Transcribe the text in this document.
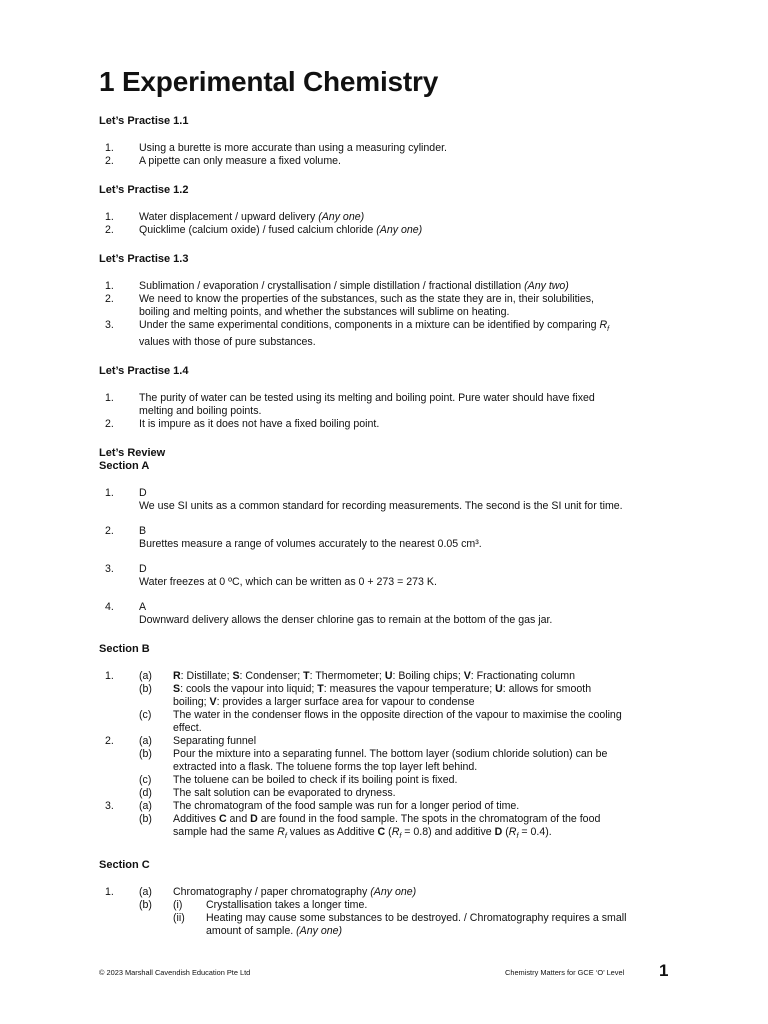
1 Experimental Chemistry

Let’s Practise 1.1

1.	Using a burette is more accurate than using a measuring cylinder.
2.	A pipette can only measure a fixed volume.

Let’s Practise 1.2

1.	Water displacement / upward delivery (Any one)
2.	Quicklime (calcium oxide) / fused calcium chloride (Any one)

Let’s Practise 1.3

1.	Sublimation / evaporation / crystallisation / simple distillation / fractional distillation (Any two)
2.	We need to know the properties of the substances, such as the state they are in, their solubilities,
boiling and melting points, and whether the substances will sublime on heating.
3.	Under the same experimental conditions, components in a mixture can be identified by comparing $R_f$
values with those of pure substances.

Let’s Practise 1.4

1.	The purity of water can be tested using its melting and boiling point. Pure water should have fixed
melting and boiling points.
2.	It is impure as it does not have a fixed boiling point.

Let’s Review

Section A

1.	D
We use SI units as a common standard for recording measurements. The second is the SI unit for time.
2.	B
Burettes measure a range of volumes accurately to the nearest 0.05 cm³.
3.	D
Water freezes at 0 ºC, which can be written as 0 + 273 = 273 K.
4.	A
Downward delivery allows the denser chlorine gas to remain at the bottom of the gas jar.

Section B

1.	(a)	R: Distillate; S: Condenser; T: Thermometer; U: Boiling chips; V: Fractionating column
(b)	S: cools the vapour into liquid; T: measures the vapour temperature; U: allows for smooth
boiling; V: provides a larger surface area for vapour to condense
(c)	The water in the condenser flows in the opposite direction of the vapour to maximise the cooling
effect.
2.	(a)	Separating funnel
(b)	Pour the mixture into a separating funnel. The bottom layer (sodium chloride solution) can be
extracted into a flask. The toluene forms the top layer left behind.
(c)	The toluene can be boiled to check if its boiling point is fixed.
(d)	The salt solution can be evaporated to dryness.
3.	(a)	The chromatogram of the food sample was run for a longer period of time.
(b)	Additives C and D are found in the food sample. The spots in the chromatogram of the food
sample had the same $R_f$ values as Additive C $(R_f = 0.8)$ and additive D $(R_f = 0.4)$.

Section C

1.	(a)	Chromatography / paper chromatography (Any one)
(b)	(i)	Crystallisation takes a longer time.
(ii)	Heating may cause some substances to be destroyed. / Chromatography requires a small
amount of sample. (Any one)
© 2023 Marshall Cavendish Education Pte Ltd	Chemistry Matters for GCE ‘O’ Level 1
